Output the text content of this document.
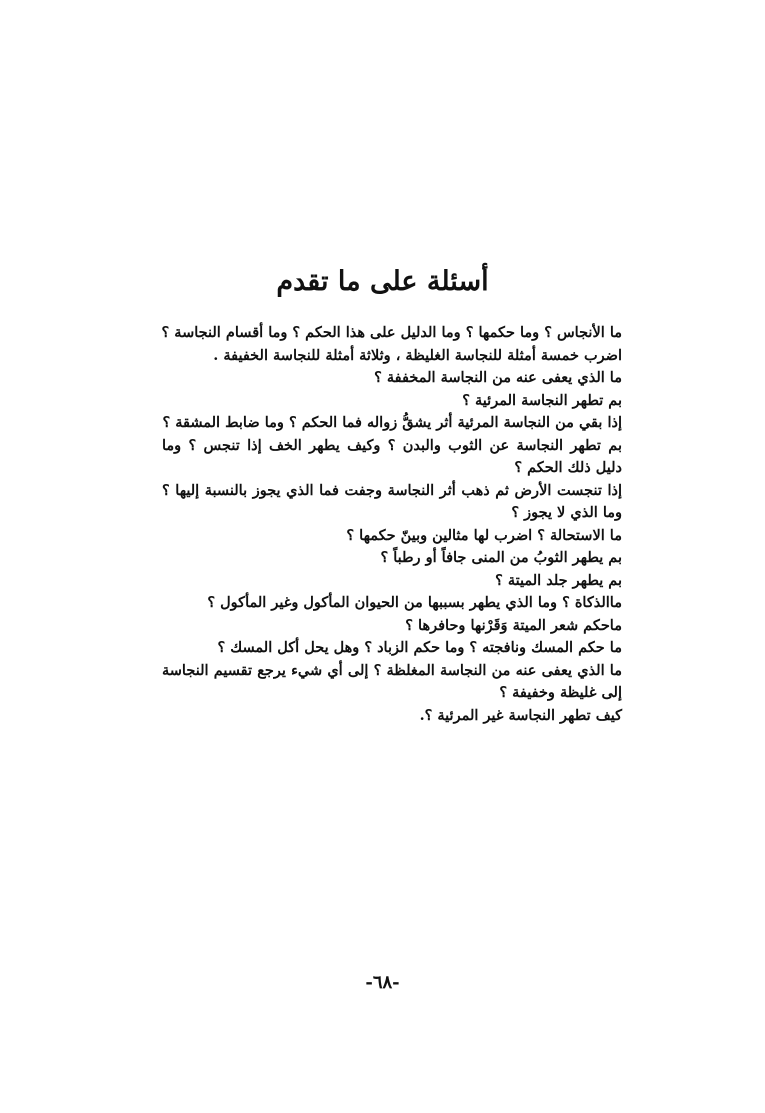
أسئلة على ما تقدم
ما الأنجاس ؟ وما حكمها ؟ وما الدليل على هذا الحكم ؟ وما أقسام النجاسة ؟
اضرب خمسة أمثلة للنجاسة الغليظة ، وثلاثة أمثلة للنجاسة الخفيفة .
ما الذي يعفى عنه من النجاسة المخففة ؟
بم تطهر النجاسة المرئية ؟
إذا بقي من النجاسة المرئية أثر يشقُّ زواله فما الحكم ؟ وما ضابط المشقة ؟
بم تطهر النجاسة عن الثوب والبدن ؟ وكيف يطهر الخف إذا تنجس ؟ وما دليل ذلك الحكم ؟
إذا تنجست الأرض ثم ذهب أثر النجاسة وجفت فما الذي يجوز بالنسبة إليها ؟ وما الذي لا يجوز ؟
ما الاستحالة ؟ اضرب لها مثالين وبينّ حكمها ؟
بم يطهر الثوبُ من المنى جافاً أو رطباً ؟
بم يطهر جلد الميتة ؟
ماالذكاة ؟ وما الذي يطهر بسببها من الحيوان المأكول وغير المأكول ؟
ماحكم شعر الميتة وَقَرْنها وحافرها ؟
ما حكم المسك ونافجته ؟ وما حكم الزباد ؟ وهل يحل أكل المسك ؟
ما الذي يعفى عنه من النجاسة المغلظة ؟ إلى أي شيء يرجع تقسيم النجاسة إلى غليظة وخفيفة ؟
كيف تطهر النجاسة غير المرئية ؟.
-٦٨-
